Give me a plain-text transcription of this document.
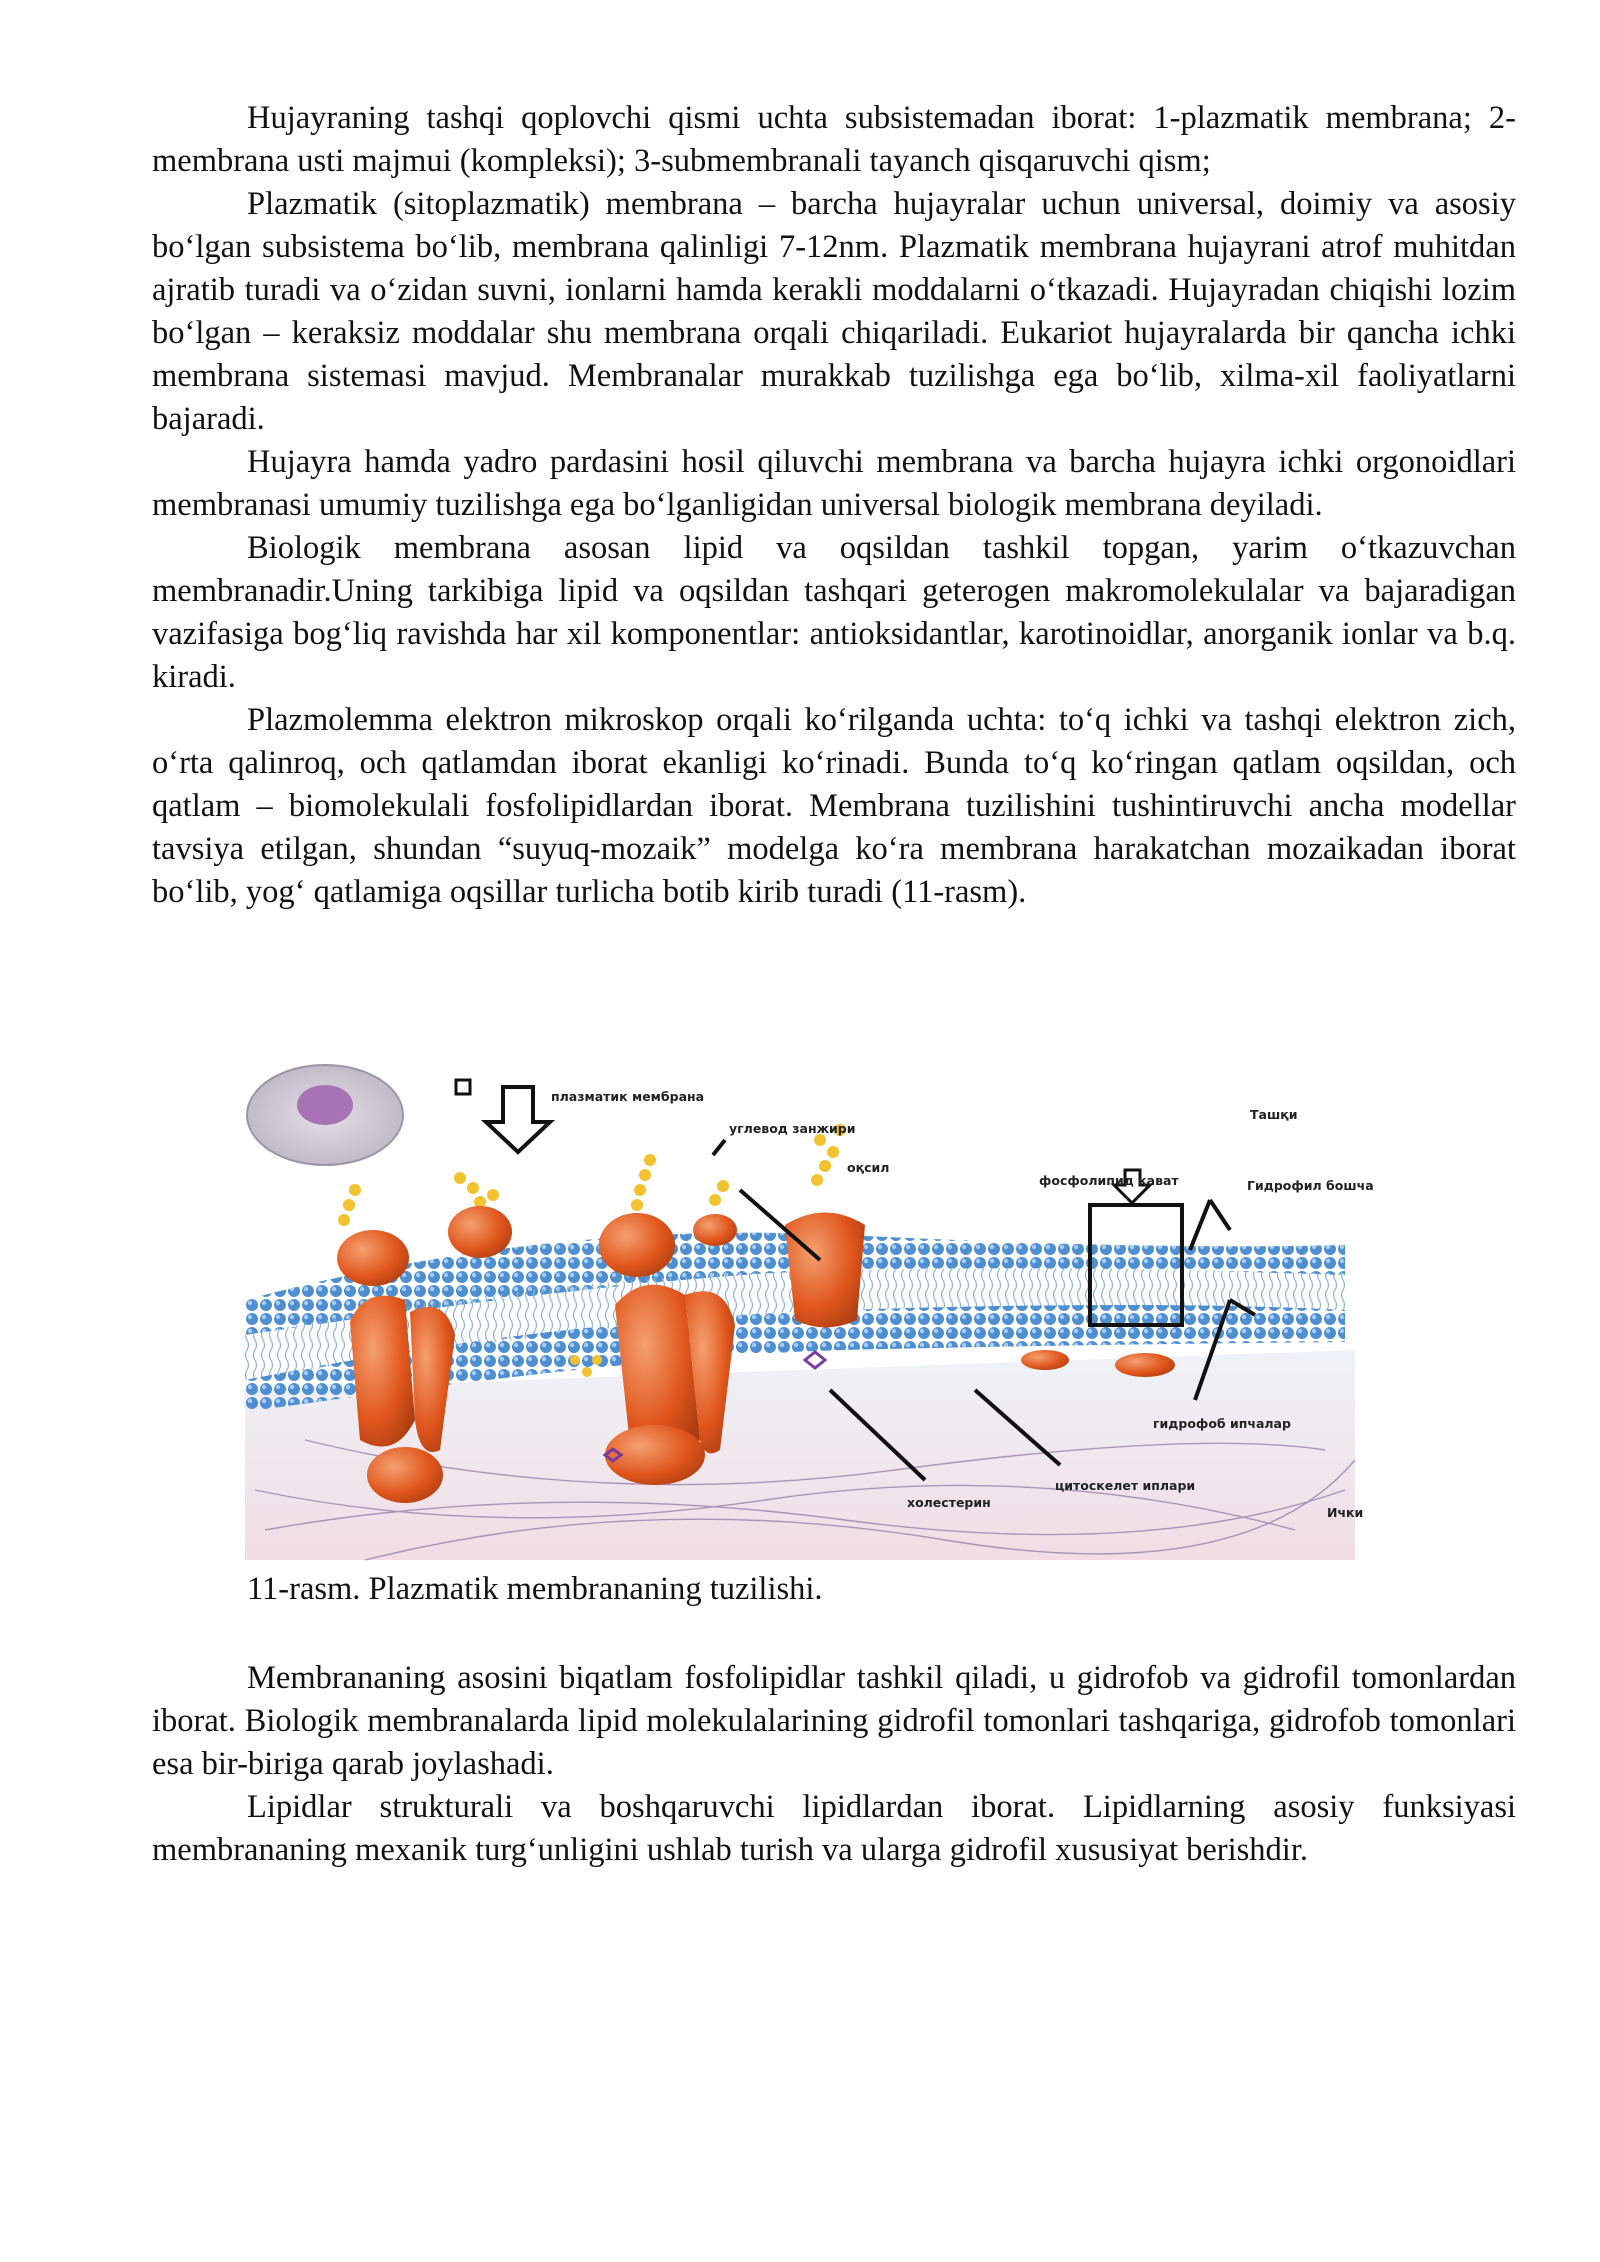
Hujayraning tashqi qoplovchi qismi uchta subsistemadan iborat: 1-plazmatik membrana; 2-membrana usti majmui (kompleksi); 3-submembranali tayanch qisqaruvchi qism;

Plazmatik (sitoplazmatik) membrana – barcha hujayralar uchun universal, doimiy va asosiy bo‘lgan subsistema bo‘lib, membrana qalinligi 7-12nm. Plazmatik membrana hujayrani atrof muhitdan ajratib turadi va o‘zidan suvni, ionlarni hamda kerakli moddalarni o‘tkazadi. Hujayradan chiqishi lozim bo‘lgan – keraksiz moddalar shu membrana orqali chiqariladi. Eukariot hujayralarda bir qancha ichki membrana sistemasi mavjud. Membranalar murakkab tuzilishga ega bo‘lib, xilma-xil faoliyatlarni bajaradi.

Hujayra hamda yadro pardasini hosil qiluvchi membrana va barcha hujayra ichki orgonoidlari membranasi umumiy tuzilishga ega bo‘lganligidan universal biologik membrana deyiladi.

Biologik membrana asosan lipid va oqsildan tashkil topgan, yarim o‘tkazuvchan membranadir.Uning tarkibiga lipid va oqsildan tashqari geterogen makromolekulalar va bajaradigan vazifasiga bog‘liq ravishda har xil komponentlar: antioksidantlar, karotinoidlar, anorganik ionlar va b.q. kiradi.

Plazmolemma elektron mikroskop orqali ko‘rilganda uchta: to‘q ichki va tashqi elektron zich, o‘rta qalinroq, och qatlamdan iborat ekanligi ko‘rinadi. Bunda to‘q ko‘ringan qatlam oqsildan, och qatlam – biomolekulali fosfolipidlardan iborat. Membrana tuzilishini tushintiruvchi ancha modellar tavsiya etilgan, shundan “suyuq-mozaik” modelga ko‘ra membrana harakatchan mozaikadan iborat bo‘lib, yog‘ qatlamiga oqsillar turlicha botib kirib turadi (11-rasm).

плазматик мембрана
углевод занжири
оқсил
фосфолипид қават
Ташқи
Гидрофил бошча
гидрофоб ипчалар
цитоскелет иплари
холестерин
Ички
11-rasm. Plazmatik membrananing tuzilishi.

Membrananing asosini biqatlam fosfolipidlar tashkil qiladi, u gidrofob va gidrofil tomonlardan iborat. Biologik membranalarda lipid molekulalarining gidrofil tomonlari tashqariga, gidrofob tomonlari esa bir-biriga qarab joylashadi.

Lipidlar strukturali va boshqaruvchi lipidlardan iborat. Lipidlarning asosiy funksiyasi membrananing mexanik turg‘unligini ushlab turish va ularga gidrofil xususiyat berishdir.
